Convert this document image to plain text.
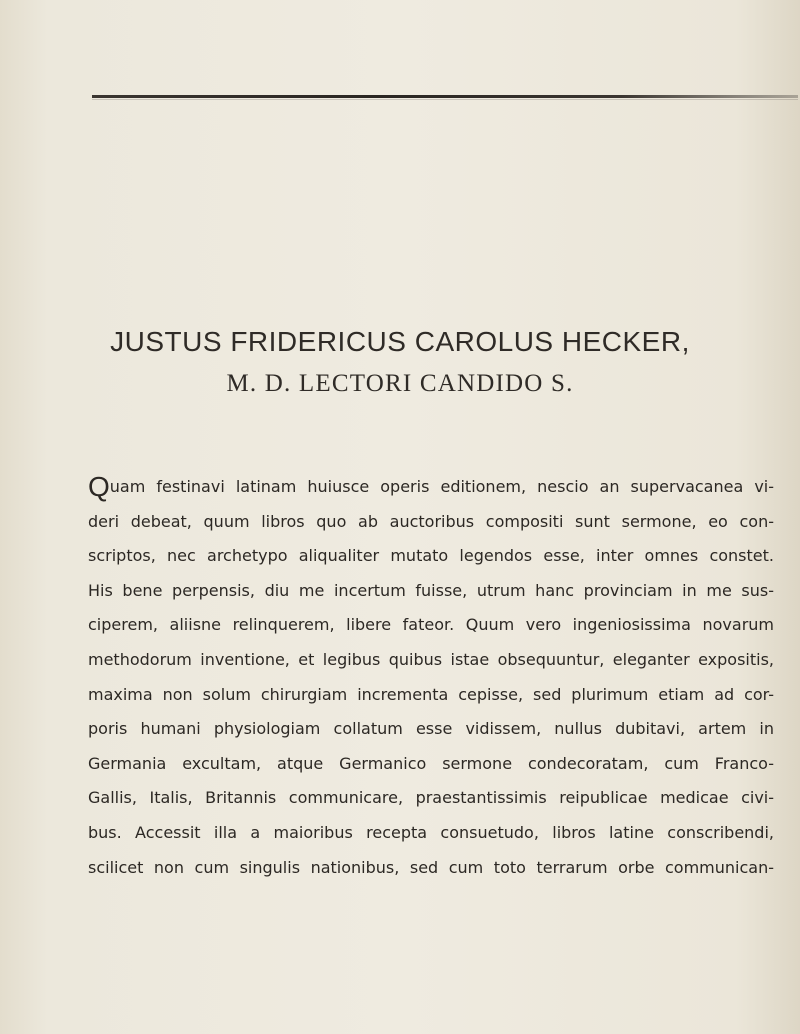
JUSTUS FRIDERICUS CAROLUS HECKER,
M. D. LECTORI CANDIDO S.
Quam festinavi latinam huiusce operis editionem, nescio an supervacanea vi-
deri debeat, quum libros quo ab auctoribus compositi sunt sermone, eo con-
scriptos, nec archetypo aliqualiter mutato legendos esse, inter omnes constet.
His bene perpensis, diu me incertum fuisse, utrum hanc provinciam in me sus-
ciperem, aliisne relinquerem, libere fateor. Quum vero ingeniosissima novarum
methodorum inventione, et legibus quibus istae obsequuntur, eleganter expositis,
maxima non solum chirurgiam incrementa cepisse, sed plurimum etiam ad cor-
poris humani physiologiam collatum esse vidissem, nullus dubitavi, artem in
Germania excultam, atque Germanico sermone condecoratam, cum Franco-
Gallis, Italis, Britannis communicare, praestantissimis reipublicae medicae civi-
bus. Accessit illa a maioribus recepta consuetudo, libros latine conscribendi,
scilicet non cum singulis nationibus, sed cum toto terrarum orbe communican-
